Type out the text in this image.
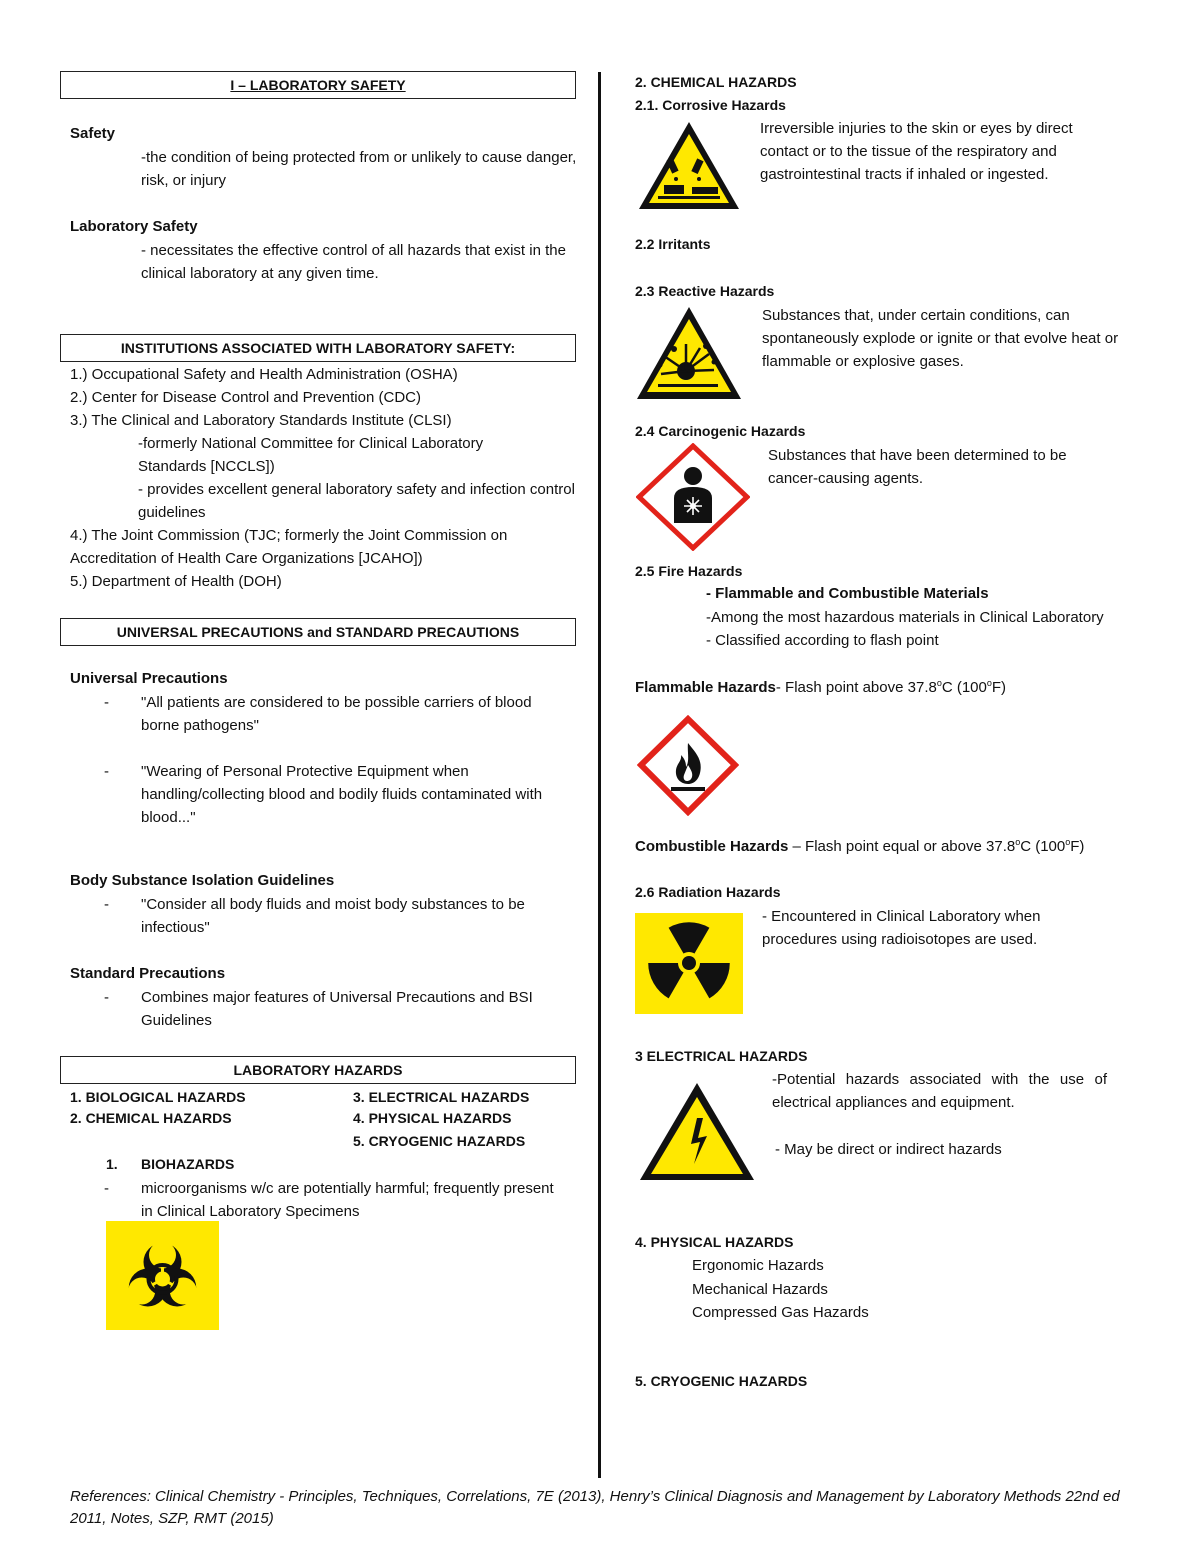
I – LABORATORY SAFETY
Safety
-the condition of being protected from or unlikely to cause danger, risk, or injury
Laboratory Safety
- necessitates the effective control of all hazards that exist in the clinical laboratory at any given time.
INSTITUTIONS ASSOCIATED WITH LABORATORY SAFETY:
1.) Occupational Safety and Health Administration (OSHA)
2.) Center for Disease Control and Prevention (CDC)
3.) The Clinical and Laboratory Standards Institute (CLSI)
-formerly National Committee for Clinical Laboratory Standards [NCCLS])
- provides excellent general laboratory safety and infection control guidelines
4.) The Joint Commission (TJC; formerly the Joint Commission on Accreditation of Health Care Organizations [JCAHO])
5.) Department of Health (DOH)
UNIVERSAL PRECAUTIONS and STANDARD PRECAUTIONS
Universal Precautions
- "All patients are considered to be possible carriers of blood borne pathogens"
- "Wearing of Personal Protective Equipment when handling/collecting blood and bodily fluids contaminated with blood..."
Body Substance Isolation Guidelines
- "Consider all body fluids and moist body substances to be infectious"
Standard Precautions
- Combines major features of Universal Precautions and BSI Guidelines
LABORATORY HAZARDS
1. BIOLOGICAL HAZARDS
2. CHEMICAL HAZARDS
3. ELECTRICAL HAZARDS
4. PHYSICAL HAZARDS
5. CRYOGENIC HAZARDS
1. BIOHAZARDS
- microorganisms w/c are potentially harmful; frequently present in Clinical Laboratory Specimens
2. CHEMICAL HAZARDS
2.1. Corrosive Hazards
Irreversible injuries to the skin or eyes by direct contact or to the tissue of the respiratory and gastrointestinal tracts if inhaled or ingested.
2.2 Irritants
2.3 Reactive Hazards
Substances that, under certain conditions, can spontaneously explode or ignite or that evolve heat or flammable or explosive gases.
2.4 Carcinogenic Hazards
Substances that have been determined to be cancer-causing agents.
2.5 Fire Hazards
- Flammable and Combustible Materials
-Among the most hazardous materials in Clinical Laboratory
- Classified according to flash point
Flammable Hazards- Flash point above 37.8$^o$C (100$^o$F)
Combustible Hazards – Flash point equal or above 37.8$^o$C (100$^o$F)
2.6 Radiation Hazards
- Encountered in Clinical Laboratory when procedures using radioisotopes are used.
3 ELECTRICAL HAZARDS
-Potential hazards associated with the use of electrical appliances and equipment.
- May be direct or indirect hazards
4. PHYSICAL HAZARDS
Ergonomic Hazards
Mechanical Hazards
Compressed Gas Hazards
5. CRYOGENIC HAZARDS
References: Clinical Chemistry - Principles, Techniques, Correlations, 7E (2013), Henry’s Clinical Diagnosis and Management by Laboratory Methods 22nd ed 2011, Notes, SZP, RMT (2015)
